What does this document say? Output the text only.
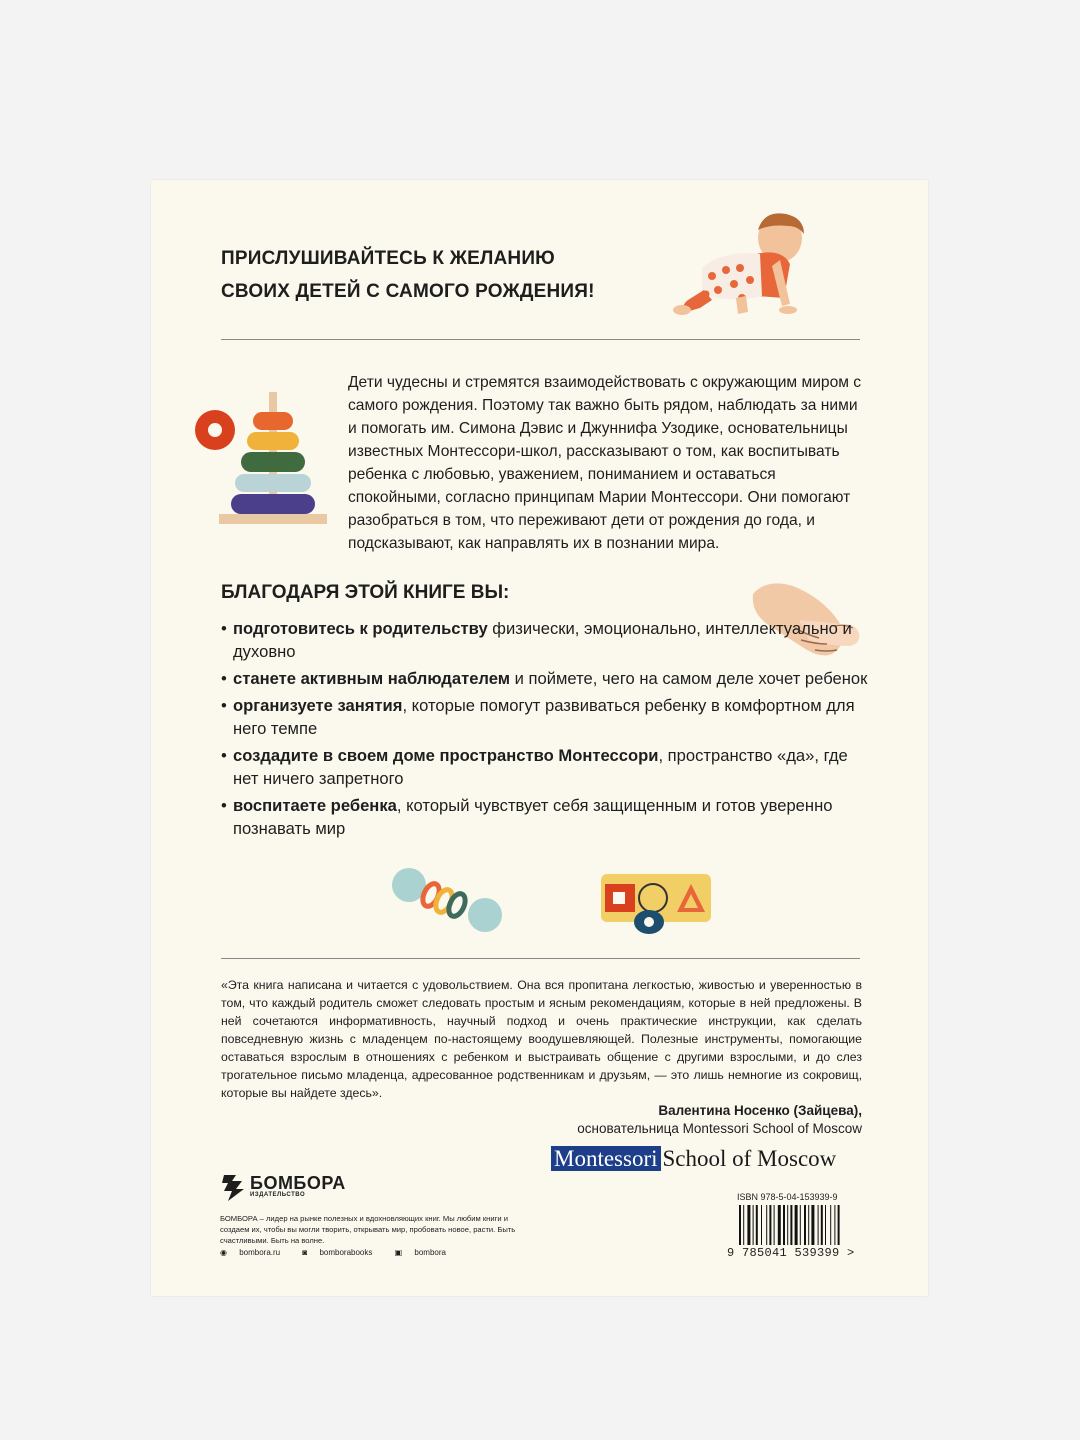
ПРИСЛУШИВАЙТЕСЬ К ЖЕЛАНИЮ
СВОИХ ДЕТЕЙ С САМОГО РОЖДЕНИЯ!

Дети чудесны и стремятся взаимодействовать с окружающим миром с самого рождения. Поэтому так важно быть рядом, наблюдать за ними и помогать им. Симона Дэвис и Джуннифа Узодике, основательницы известных Монтессори-школ, рассказывают о том, как воспитывать ребенка с любовью, уважением, пониманием и оставаться спокойными, согласно принципам Марии Монтессори. Они помогают разобраться в том, что переживают дети от рождения до года, и подсказывают, как направлять их в познании мира.

БЛАГОДАРЯ ЭТОЙ КНИГЕ ВЫ:
• подготовитесь к родительству физически, эмоционально, интеллектуально и духовно
• станете активным наблюдателем и поймете, чего на самом деле хочет ребенок
• организуете занятия, которые помогут развиваться ребенку в комфортном для него темпе
• создадите в своем доме пространство Монтессори, пространство «да», где нет ничего запретного
• воспитаете ребенка, который чувствует себя защищенным и готов уверенно познавать мир

«Эта книга написана и читается с удовольствием. Она вся пропитана легкостью, живостью и уверенностью в том, что каждый родитель сможет следовать простым и ясным рекомендациям, которые в ней предложены. В ней сочетаются информативность, научный подход и очень практические инструкции, как сделать повседневную жизнь с младенцем по-настоящему воодушевляющей. Полезные инструменты, помогающие оставаться взрослым в отношениях с ребенком и выстраивать общение с другими взрослыми, и до слез трогательное письмо младенца, адресованное родственникам и друзьям, — это лишь немногие из сокровищ, которые вы найдете здесь».

Валентина Носенко (Зайцева),
основательница Montessori School of Moscow
Montessori School of Moscow
БОМБОРА
ИЗДАТЕЛЬСТВО

БОМБОРА – лидер на рынке полезных и вдохновляющих книг. Мы любим книги и создаем их, чтобы вы могли творить, открывать мир, пробовать новое, расти. Быть счастливыми. Быть на волне.

◉ bombora.ru	◙ bomborabooks	▣ bombora
ISBN 978-5-04-153939-9
9 785041 539399 >
